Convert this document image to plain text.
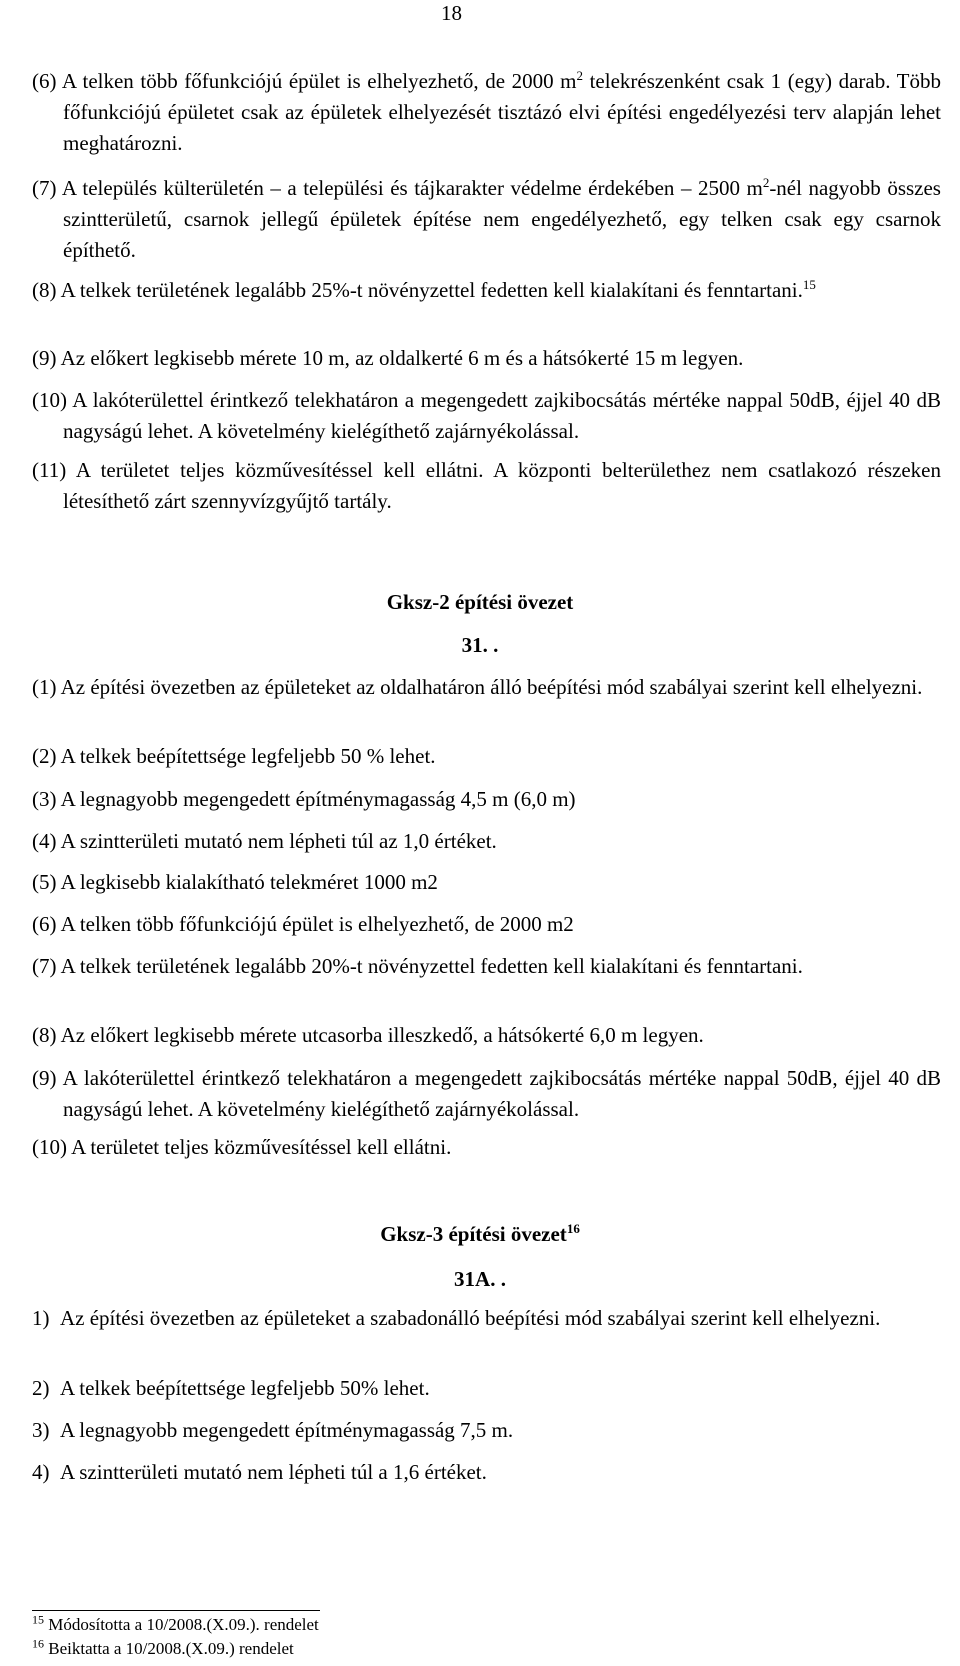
18
(6) A telken több főfunkciójú épület is elhelyezhető, de 2000 $m^2$ telekrészenként csak 1 (egy) darab. Több főfunkciójú épületet csak az épületek elhelyezését tisztázó elvi építési engedélyezési terv alapján lehet meghatározni.
(7) A település külterületén – a települési és tájkarakter védelme érdekében – 2500 $m^2$-nél nagyobb összes szintterületű, csarnok jellegű épületek építése nem engedélyezhető, egy telken csak egy csarnok építhető.
(8) A telkek területének legalább 25%-t növényzettel fedetten kell kialakítani és fenntartani.$^{15}$
(9) Az előkert legkisebb mérete 10 m, az oldalkerté 6 m és a hátsókerté 15 m legyen.
(10) A lakóterülettel érintkező telekhatáron a megengedett zajkibocsátás mértéke nappal 50dB, éjjel 40 dB nagyságú lehet. A követelmény kielégíthető zajárnyékolással.
(11) A területet teljes közművesítéssel kell ellátni. A központi belterülethez nem csatlakozó részeken létesíthető zárt szennyvízgyűjtő tartály.
Gksz-2 építési övezet
31. .
(1) Az építési övezetben az épületeket az oldalhatáron álló beépítési mód szabályai szerint kell elhelyezni.
(2) A telkek beépítettsége legfeljebb 50 % lehet.
(3) A legnagyobb megengedett építménymagasság 4,5 m (6,0 m)
(4) A szintterületi mutató nem lépheti túl az 1,0 értéket.
(5) A legkisebb kialakítható telekméret 1000 m2
(6) A telken több főfunkciójú épület is elhelyezhető, de 2000 m2
(7) A telkek területének legalább 20%-t növényzettel fedetten kell kialakítani és fenntartani.
(8) Az előkert legkisebb mérete utcasorba illeszkedő, a hátsókerté 6,0 m legyen.
(9) A lakóterülettel érintkező telekhatáron a megengedett zajkibocsátás mértéke nappal 50dB, éjjel 40 dB nagyságú lehet. A követelmény kielégíthető zajárnyékolással.
(10) A területet teljes közművesítéssel kell ellátni.
Gksz-3 építési övezet$^{16}$
31A. .
1) Az építési övezetben az épületeket a szabadonálló beépítési mód szabályai szerint kell elhelyezni.
2) A telkek beépítettsége legfeljebb 50% lehet.
3) A legnagyobb megengedett építménymagasság 7,5 m.
4) A szintterületi mutató nem lépheti túl a 1,6 értéket.
$^{15}$ Módosította a 10/2008.(X.09.). rendelet
$^{16}$ Beiktatta a 10/2008.(X.09.) rendelet
